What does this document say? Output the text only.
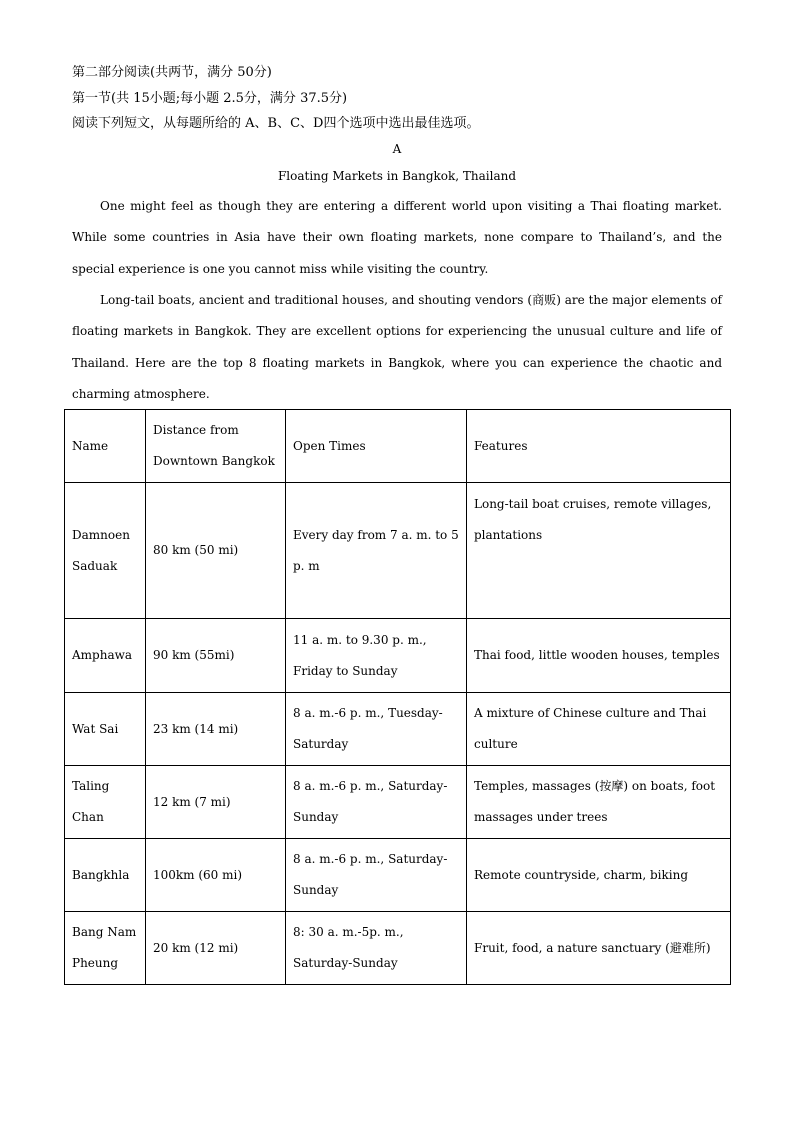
第二部分阅读(共两节，满分 50分)
第一节(共 15小题;每小题 2.5分，满分 37.5分)
阅读下列短文，从每题所给的 A、B、C、D四个选项中选出最佳选项。
A
Floating Markets in Bangkok, Thailand

One might feel as though they are entering a different world upon visiting a Thai floating market. While some countries in Asia have their own floating markets, none compare to Thailand’s, and the special experience is one you cannot miss while visiting the country.

Long-tail boats, ancient and traditional houses, and shouting vendors (商贩) are the major elements of floating markets in Bangkok. They are excellent options for experiencing the unusual culture and life of Thailand. Here are the top 8 floating markets in Bangkok, where you can experience the chaotic and charming atmosphere.

Name	Distance from Downtown Bangkok	Open Times	Features
Damnoen Saduak	80 km (50 mi)	Every day from 7 a. m. to 5 p. m	Long-tail boat cruises, remote villages, plantations
Amphawa	90 km (55mi)	11 a. m. to 9.30 p. m., Friday to Sunday	Thai food, little wooden houses, temples
Wat Sai	23 km (14 mi)	8 a. m.-6 p. m., Tuesday-Saturday	A mixture of Chinese culture and Thai culture
Taling Chan	12 km (7 mi)	8 a. m.-6 p. m., Saturday-Sunday	Temples, massages (按摩) on boats, foot massages under trees
Bangkhla	100km (60 mi)	8 a. m.-6 p. m., Saturday-Sunday	Remote countryside, charm, biking
Bang Nam Pheung	20 km (12 mi)	8: 30 a. m.-5p. m., Saturday-Sunday	Fruit, food, a nature sanctuary (避难所)
